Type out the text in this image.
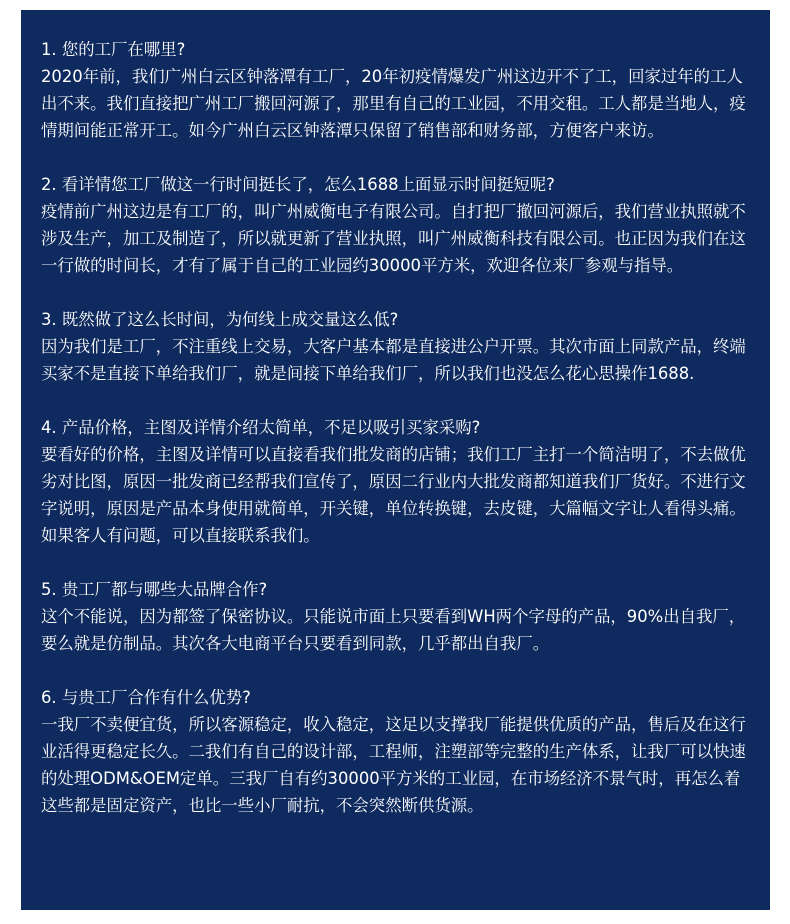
1. 您的工厂在哪里?

2020年前，我们广州白云区钟落潭有工厂，20年初疫情爆发广州这边开不了工，回家过年的工人出不来。我们直接把广州工厂搬回河源了，那里有自己的工业园，不用交租。工人都是当地人，疫情期间能正常开工。如今广州白云区钟落潭只保留了销售部和财务部，方便客户来访。

2. 看详情您工厂做这一行时间挺长了，怎么1688上面显示时间挺短呢?

疫情前广州这边是有工厂的，叫广州威衡电子有限公司。自打把厂撤回河源后，我们营业执照就不涉及生产，加工及制造了，所以就更新了营业执照，叫广州威衡科技有限公司。也正因为我们在这一行做的时间长，才有了属于自己的工业园约30000平方米，欢迎各位来厂参观与指导。

3. 既然做了这么长时间，为何线上成交量这么低?

因为我们是工厂，不注重线上交易，大客户基本都是直接进公户开票。其次市面上同款产品，终端买家不是直接下单给我们厂，就是间接下单给我们厂，所以我们也没怎么花心思操作1688.

4. 产品价格，主图及详情介绍太简单，不足以吸引买家采购?

要看好的价格，主图及详情可以直接看我们批发商的店铺；我们工厂主打一个简洁明了，不去做优劣对比图，原因一批发商已经帮我们宣传了，原因二行业内大批发商都知道我们厂货好。不进行文字说明，原因是产品本身使用就简单，开关键，单位转换键，去皮键，大篇幅文字让人看得头痛。如果客人有问题，可以直接联系我们。

5. 贵工厂都与哪些大品牌合作?

这个不能说，因为都签了保密协议。只能说市面上只要看到WH两个字母的产品，90%出自我厂，要么就是仿制品。其次各大电商平台只要看到同款，几乎都出自我厂。

6. 与贵工厂合作有什么优势?

一我厂不卖便宜货，所以客源稳定，收入稳定，这足以支撑我厂能提供优质的产品，售后及在这行业活得更稳定长久。二我们有自己的设计部，工程师，注塑部等完整的生产体系，让我厂可以快速的处理ODM&OEM定单。三我厂自有约30000平方米的工业园，在市场经济不景气时，再怎么着这些都是固定资产，也比一些小厂耐抗，不会突然断供货源。
